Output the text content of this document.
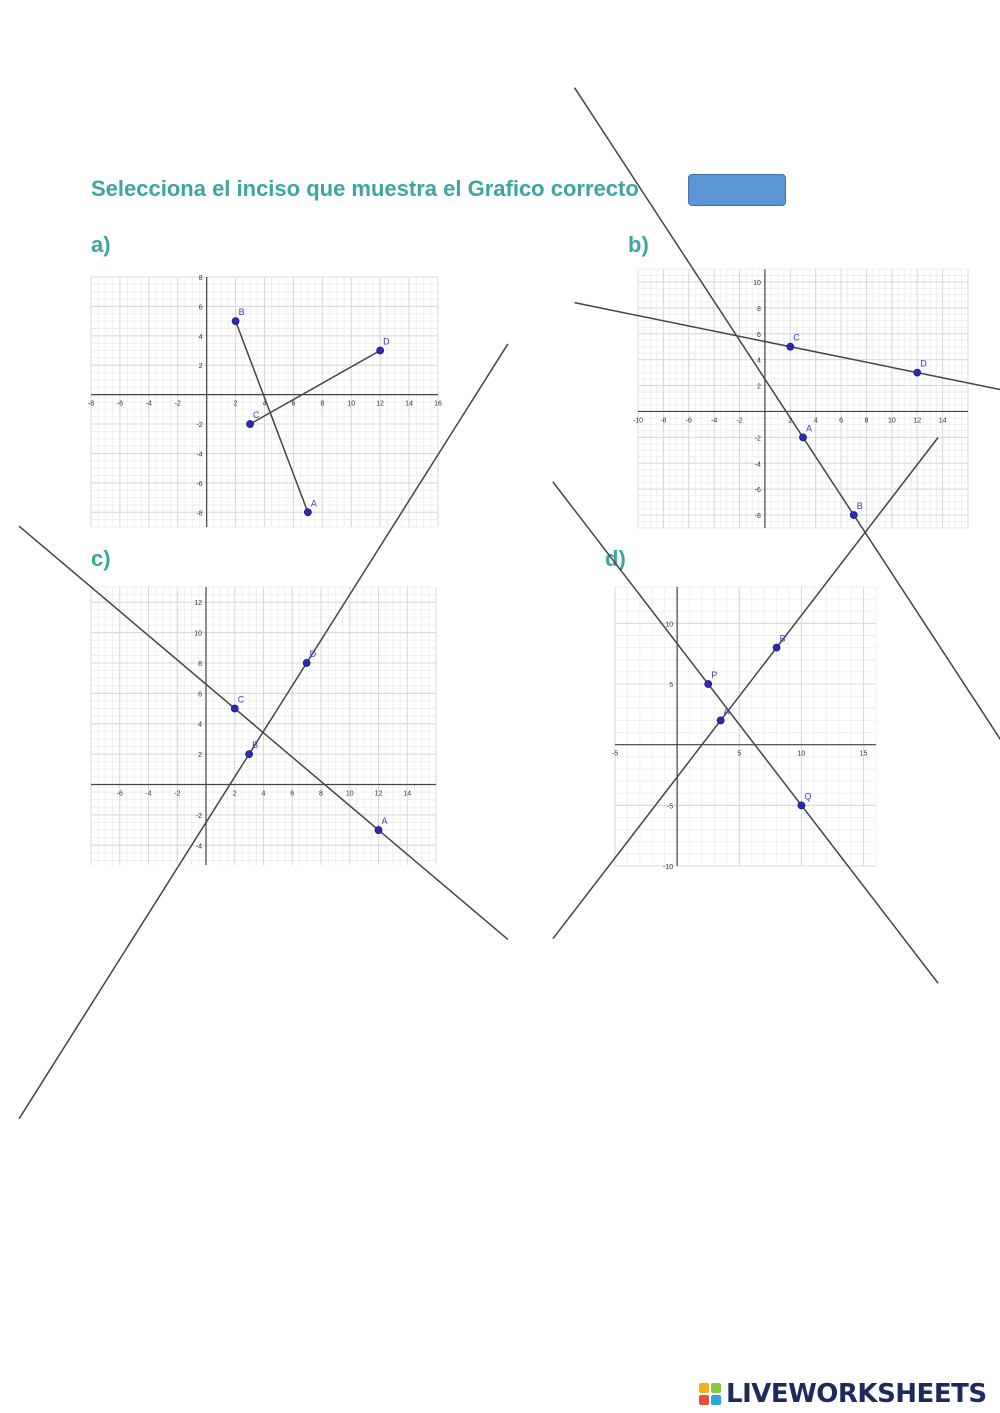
Selecciona el inciso que muestra el Grafico correcto
a)	b)
c)	d)
-8	-6	-4	-2	2	4	6	8	10	12	14	16
-8
-6
-4
-2
2
4
6
8
B
A
C
D
-10 -8	-6	-4	-2	2	4	6	8	10	12	14
-8
-6
-4
-2
2
4
6
8
10
C
D
A
B
-6	-4	-2	2	4	6	8	10	12	14
-4
-2
2
4
6
8
10
12
C
A
B
D
-5	5	10	15
-10
-5
5
10
P
Q
A
B
LIVEWORKSHEETS
